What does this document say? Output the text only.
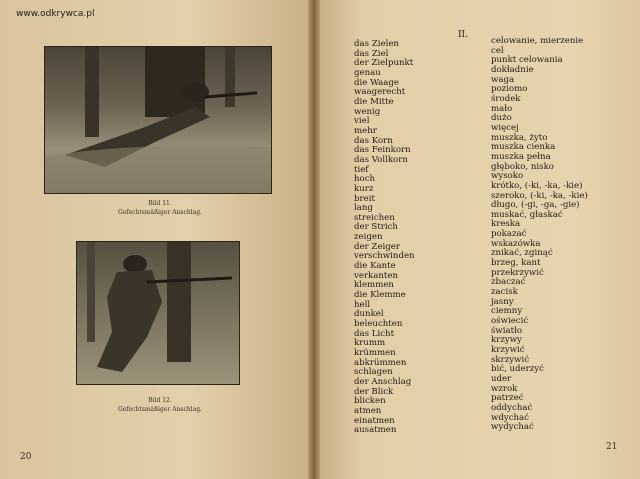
www.odkrywca.pl
Bild 11.
Gefechtsmäßiger Anschlag.
Bild 12.
Gefechtsmäßiger Anschlag.
20
II.
das Zielen
das Ziel
der Zielpunkt
genau
die Waage
waagerecht
die Mitte
wenig
viel
mehr
das Korn
das Feinkorn
das Vollkorn
tief
hoch
kurz
breit
lang
streichen
der Strich
zeigen
der Zeiger
verschwinden
die Kante
verkanten
klemmen
die Klemme
hell
dunkel
beleuchten
das Licht
krumm
krümmen
abkrümmen
schlagen
der Anschlag
der Blick
blicken
atmen
einatmen
ausatmen
celowanie, mierzenie
cel
punkt celowania
dokładnie
waga
poziomo
środek
mało
dużo
więcej
muszka, żyto
muszka cienka
muszka pełna
głęboko, nisko
wysoko
krótko, (-ki, -ka, -kie)
szeroko, (-ki, -ka, -kie)
długo, (-gi, -ga, -gie)
muskać, głaskać
kreska
pokazać
wskazówka
znikać, zginąć
brzeg, kant
przekrzywić
zbaczać
zacisk
jasny
ciemny
oświecić
światło
krzywy
krzywić
skrzywić
bić, uderzyć
uder
wzrok
patrzeć
oddychać
wdychać
wydychać
21
